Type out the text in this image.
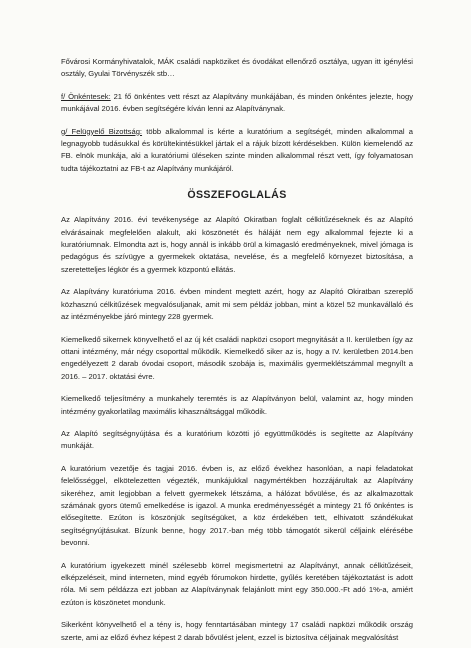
Fővárosi Kormányhivatalok, MÁK családi napköziket és óvodákat ellenőrző osztálya, ugyan itt igénylési osztály, Gyulai Törvényszék stb…

f/ Önkéntesek: 21 fő önkéntes vett részt az Alapítvány munkájában, és minden önkéntes jelezte, hogy munkájával 2016. évben segítségére kíván lenni az Alapítványnak.

g/ Felügyelő Bizottság: több alkalommal is kérte a kuratórium a segítségét, minden alkalommal a legnagyobb tudásukkal és körültekintésükkel jártak el a rájuk bízott kérdésekben. Külön kiemelendő az FB. elnök munkája, aki a kuratóriumi üléseken szinte minden alkalommal részt vett, így folyamatosan tudta tájékoztatni az FB-t az Alapítvány munkájáról.

ÖSSZEFOGLALÁS

Az Alapítvány 2016. évi tevékenysége az Alapító Okiratban foglalt célkitűzéseknek és az Alapító elvárásainak megfelelően alakult, aki köszönetét és háláját nem egy alkalommal fejezte ki a kuratóriumnak. Elmondta azt is, hogy annál is inkább örül a kimagasló eredményeknek, mivel jómaga is pedagógus és szívügye a gyermekek oktatása, nevelése, és a megfelelő környezet biztosítása, a szeretetteljes légkör és a gyermek központú ellátás.

Az Alapítvány kuratóriuma 2016. évben mindent megtett azért, hogy az Alapító Okiratban szereplő közhasznú célkitűzések megvalósuljanak, amit mi sem példáz jobban, mint a közel 52 munkavállaló és az intézményekbe járó mintegy 228 gyermek.

Kiemelkedő sikernek könyvelhető el az új két családi napközi csoport megnyitását a II. kerületben így az ottani intézmény, már négy csoporttal működik. Kiemelkedő siker az is, hogy a IV. kerületben 2014.ben engedélyezett 2 darab óvodai csoport, második szobája is, maximális gyermeklétszámmal megnyílt a 2016. – 2017. oktatási évre.

Kiemelkedő teljesítmény a munkahely teremtés is az Alapítványon belül, valamint az, hogy minden intézmény gyakorlatilag maximális kihasználtsággal működik.

Az Alapító segítségnyújtása és a kuratórium közötti jó együttműködés is segítette az Alapítvány munkáját.

A kuratórium vezetője és tagjai 2016. évben is, az előző évekhez hasonlóan, a napi feladatokat felelősséggel, elkötelezetten végezték, munkájukkal nagymértékben hozzájárultak az Alapítvány sikeréhez, amit legjobban a felvett gyermekek létszáma, a hálózat bővülése, és az alkalmazottak számának gyors ütemű emelkedése is igazol. A munka eredményességét a mintegy 21 fő önkéntes is elősegítette. Ezúton is köszönjük segítségüket, a köz érdekében tett, elhivatott szándékukat segítségnyújtásukat. Bízunk benne, hogy 2017.-ban még több támogatót sikerül céljaink elérésébe bevonni.

A kuratórium igyekezett minél szélesebb körrel megismertetni az Alapítványt, annak célkitűzéseit, elképzeléseit, mind interneten, mind egyéb fórumokon hirdette, gyűlés keretében tájékoztatást is adott róla. Mi sem példázza ezt jobban az Alapítványnak felajánlott mint egy 350.000.-Ft adó 1%-a, amiért ezúton is köszönetet mondunk.

Sikerként könyvelhető el a tény is, hogy fenntartásában mintegy 17 családi napközi működik ország szerte, ami az előző évhez képest 2 darab bővülést jelent, ezzel is biztosítva céljainak megvalósítást
